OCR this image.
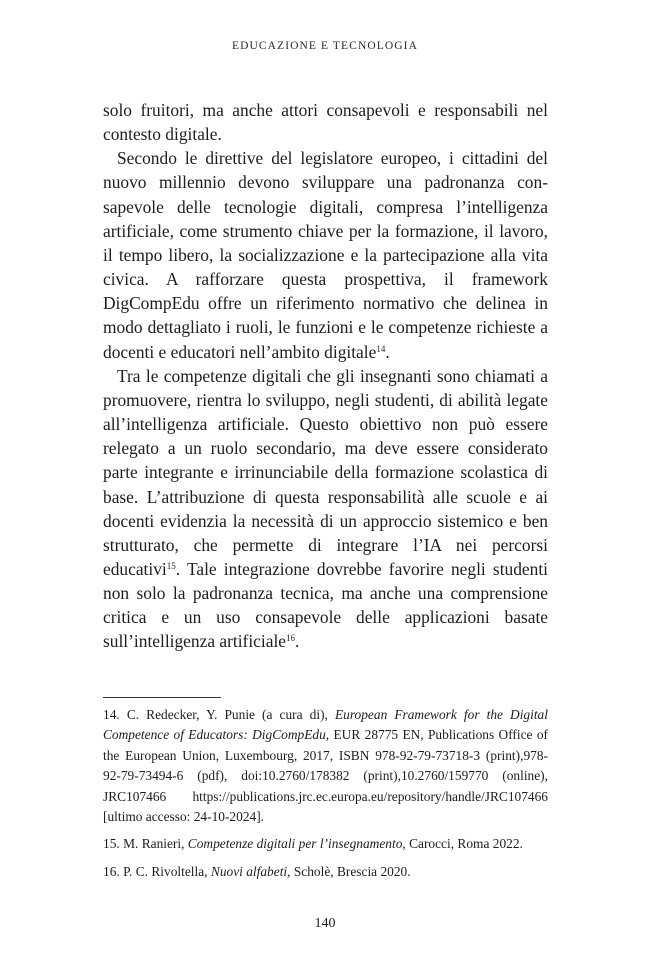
EDUCAZIONE E TECNOLOGIA

solo fruitori, ma anche attori consapevoli e responsabili nel contesto digitale.

Secondo le direttive del legislatore europeo, i cittadini del nuovo millennio devono sviluppare una padronanza consapevole delle tecnologie digitali, compresa l’intelligenza artificiale, come strumento chiave per la formazione, il lavoro, il tempo libero, la socializzazione e la partecipazione alla vita civica. A rafforzare questa prospettiva, il framework DigCompEdu offre un riferimento normativo che delinea in modo dettagliato i ruoli, le funzioni e le competenze richieste a docenti e educatori nell’ambito digitale$^{14}$.

Tra le competenze digitali che gli insegnanti sono chiamati a promuovere, rientra lo sviluppo, negli studenti, di abilità legate all’intelligenza artificiale. Questo obiettivo non può essere relegato a un ruolo secondario, ma deve essere considerato parte integrante e irrinunciabile della formazione scolastica di base. L’attribuzione di questa responsabilità alle scuole e ai docenti evidenzia la necessità di un approccio sistemico e ben strutturato, che permette di integrare l’IA nei percorsi educativi$^{15}$. Tale integrazione dovrebbe favorire negli studenti non solo la padronanza tecnica, ma anche una comprensione critica e un uso consapevole delle applicazioni basate sull’intelligenza artificiale$^{16}$.

14. C. Redecker, Y. Punie (a cura di), European Framework for the Digital Competence of Educators: DigCompEdu, EUR 28775 EN, Publications Office of the European Union, Luxembourg, 2017, ISBN 978-92-79-73718-3 (print),978-92-79-73494-6 (pdf), doi:10.2760/178382 (print),10.2760/159770 (online), JRC107466 https://publications.jrc.ec.europa.eu/repository/handle/JRC107466 [ultimo accesso: 24-10-2024].

15. M. Ranieri, Competenze digitali per l’insegnamento, Carocci, Roma 2022.

16. P. C. Rivoltella, Nuovi alfabeti, Scholè, Brescia 2020.

140
